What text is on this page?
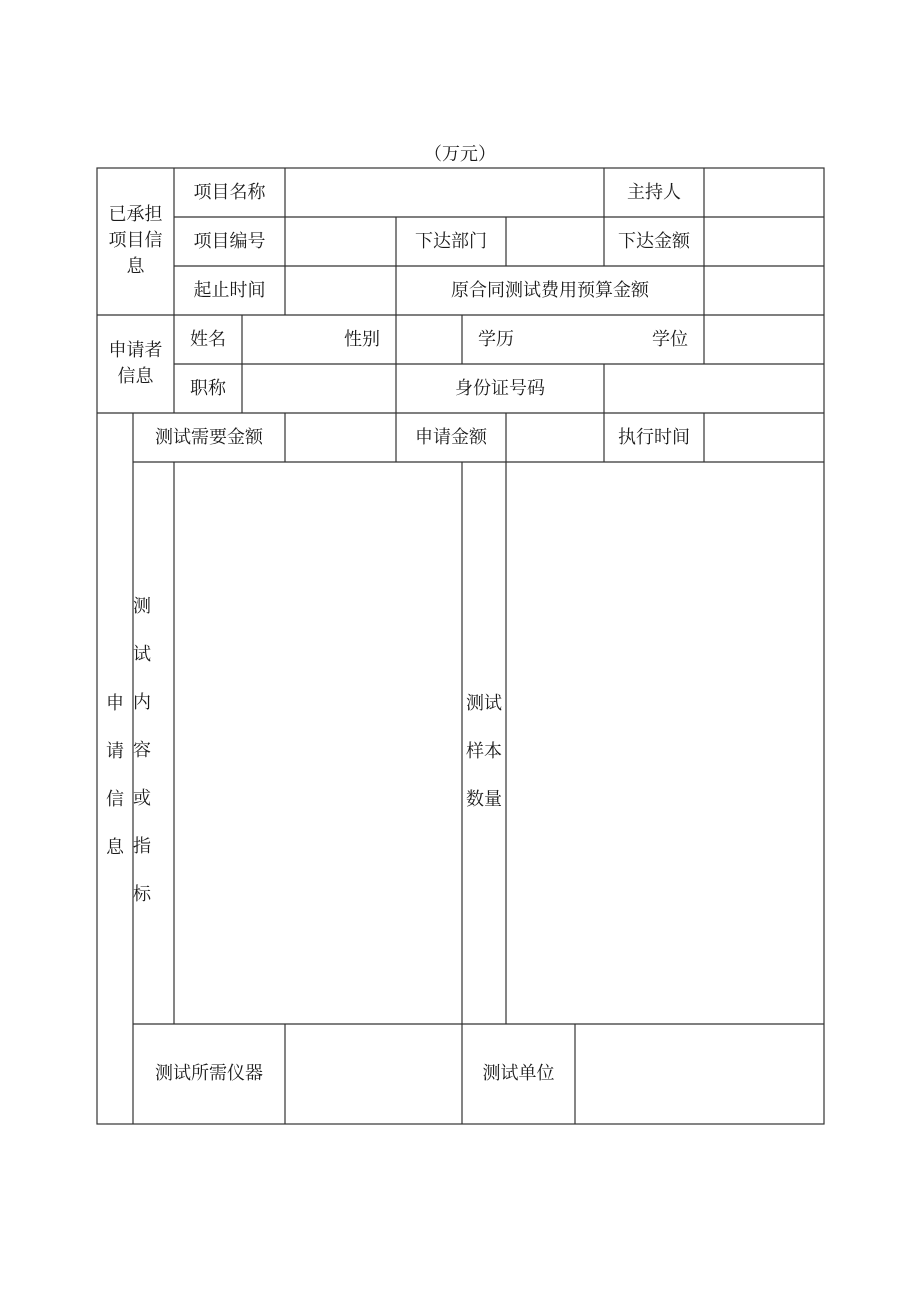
（万元）
已承担
项目信
息
项目名称	主持人
项目编号	下达部门	下达金额
起止时间	原合同测试费用预算金额
申请者
信息
姓名	性别	学历	学位
职称	身份证号码
申
请
信
息
测试需要金额	申请金额	执行时间
测
试
内
容
或
指
标
测试
样本
数量
测试所需仪器	测试单位
